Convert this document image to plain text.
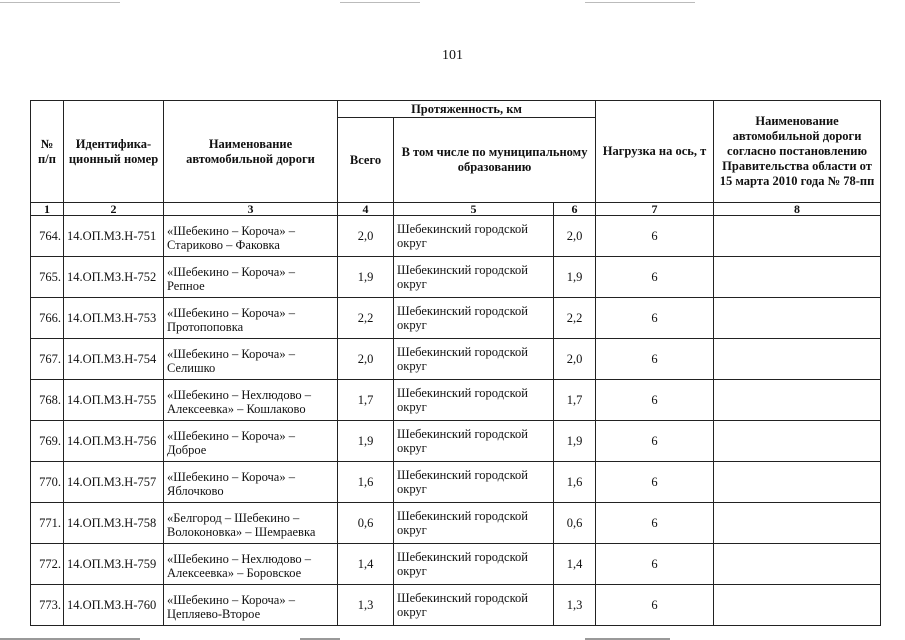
101
№ п/п	Идентифика-ционный номер	Наименование автомобильной дороги	Протяженность, км			Нагрузка на ось, т	Наименование автомобильной дороги согласно постановлению Правительства области от 15 марта 2010 года № 78-пп
			Всего	В том числе по муниципальному образованию			
1	2	3	4	5	6	7	8
764.	14.ОП.МЗ.Н-751	«Шебекино – Короча» – Стариково – Факовка	2,0	Шебекинский городской округ	2,0	6	
765.	14.ОП.МЗ.Н-752	«Шебекино – Короча» – Репное	1,9	Шебекинский городской округ	1,9	6	
766.	14.ОП.МЗ.Н-753	«Шебекино – Короча» – Протопоповка	2,2	Шебекинский городской округ	2,2	6	
767.	14.ОП.МЗ.Н-754	«Шебекино – Короча» – Селишко	2,0	Шебекинский городской округ	2,0	6	
768.	14.ОП.МЗ.Н-755	«Шебекино – Нехлюдово – Алексеевка» – Кошлаково	1,7	Шебекинский городской округ	1,7	6	
769.	14.ОП.МЗ.Н-756	«Шебекино – Короча» – Доброе	1,9	Шебекинский городской округ	1,9	6	
770.	14.ОП.МЗ.Н-757	«Шебекино – Короча» – Яблочково	1,6	Шебекинский городской округ	1,6	6	
771.	14.ОП.МЗ.Н-758	«Белгород – Шебекино – Волоконовка» – Шемраевка	0,6	Шебекинский городской округ	0,6	6	
772.	14.ОП.МЗ.Н-759	«Шебекино – Нехлюдово – Алексеевка» – Боровское	1,4	Шебекинский городской округ	1,4	6	
773.	14.ОП.МЗ.Н-760	«Шебекино – Короча» – Цепляево-Второе	1,3	Шебекинский городской округ	1,3	6	
